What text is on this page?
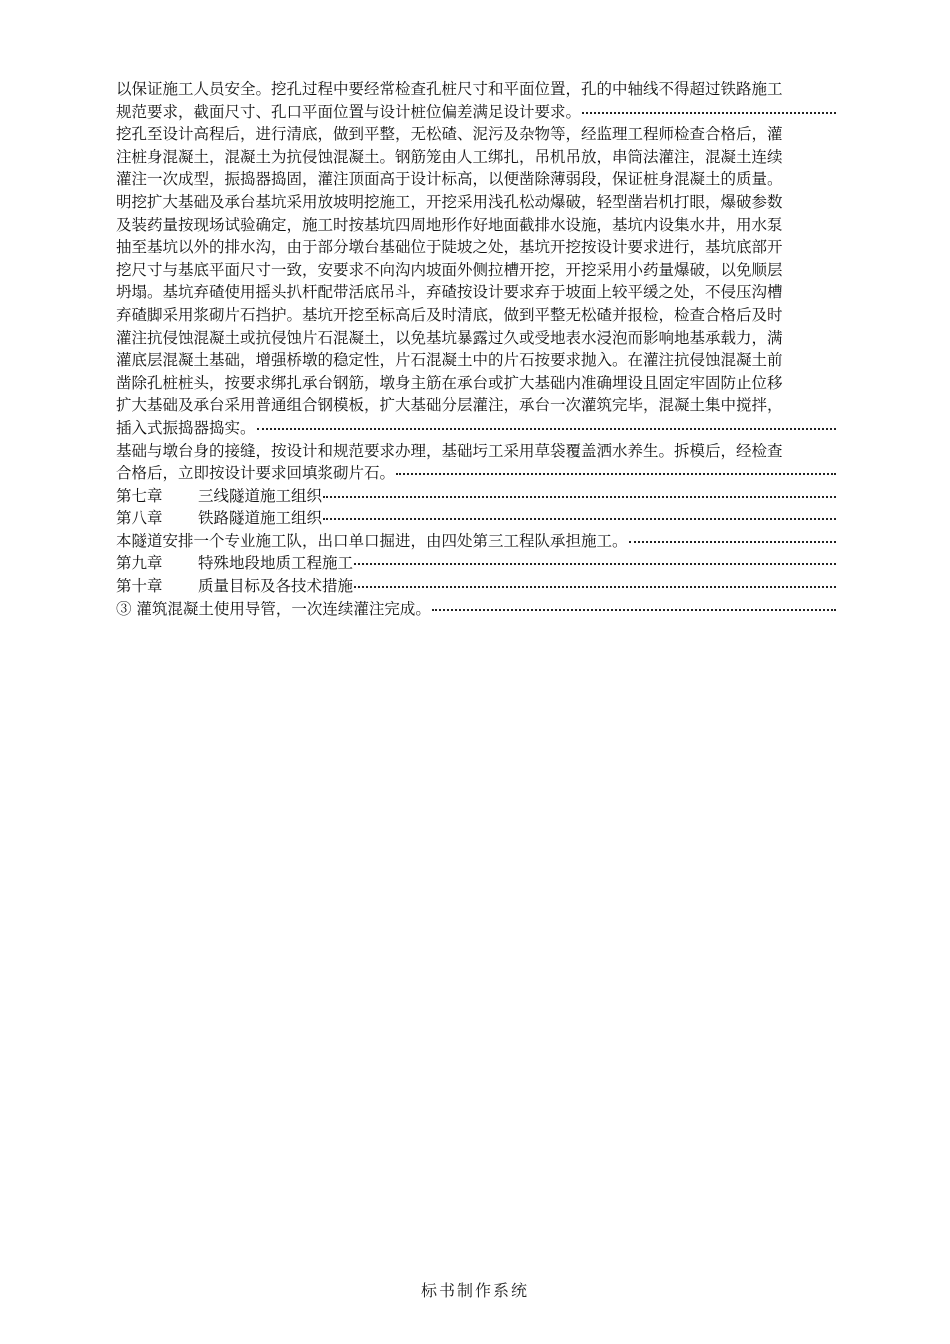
以保证施工人员安全。挖孔过程中要经常检查孔桩尺寸和平面位置，孔的中轴线不得超过铁路施工

规范要求，截面尺寸、孔口平面位置与设计桩位偏差满足设计要求。

挖孔至设计高程后，进行清底，做到平整，无松碴、泥污及杂物等，经监理工程师检查合格后，灌

注桩身混凝土，混凝土为抗侵蚀混凝土。钢筋笼由人工绑扎，吊机吊放，串筒法灌注，混凝土连续

灌注一次成型，振捣器捣固，灌注顶面高于设计标高，以便凿除薄弱段，保证桩身混凝土的质量。

明挖扩大基础及承台基坑采用放坡明挖施工，开挖采用浅孔松动爆破，轻型凿岩机打眼，爆破参数

及装药量按现场试验确定，施工时按基坑四周地形作好地面截排水设施，基坑内设集水井，用水泵

抽至基坑以外的排水沟，由于部分墩台基础位于陡坡之处，基坑开挖按设计要求进行，基坑底部开

挖尺寸与基底平面尺寸一致，安要求不向沟内坡面外侧拉槽开挖，开挖采用小药量爆破，以免顺层

坍塌。基坑弃碴使用摇头扒杆配带活底吊斗，弃碴按设计要求弃于坡面上较平缓之处，不侵压沟槽

弃碴脚采用浆砌片石挡护。基坑开挖至标高后及时清底，做到平整无松碴并报检，检查合格后及时

灌注抗侵蚀混凝土或抗侵蚀片石混凝土，以免基坑暴露过久或受地表水浸泡而影响地基承载力，满

灌底层混凝土基础，增强桥墩的稳定性，片石混凝土中的片石按要求抛入。在灌注抗侵蚀混凝土前

凿除孔桩桩头，按要求绑扎承台钢筋，墩身主筋在承台或扩大基础内准确埋设且固定牢固防止位移

扩大基础及承台采用普通组合钢模板，扩大基础分层灌注，承台一次灌筑完毕，混凝土集中搅拌，

插入式振捣器捣实。

基础与墩台身的接缝，按设计和规范要求办理，基础圬工采用草袋覆盖洒水养生。拆模后，经检查

合格后，立即按设计要求回填浆砌片石。
第七章	三线隧道施工组织
第八章	铁路隧道施工组织
本隧道安排一个专业施工队，出口单口掘进，由四处第三工程队承担施工。
第九章	特殊地段地质工程施工
第十章	质量目标及各技术措施
③ 灌筑混凝土使用导管，一次连续灌注完成。
标书制作系统
